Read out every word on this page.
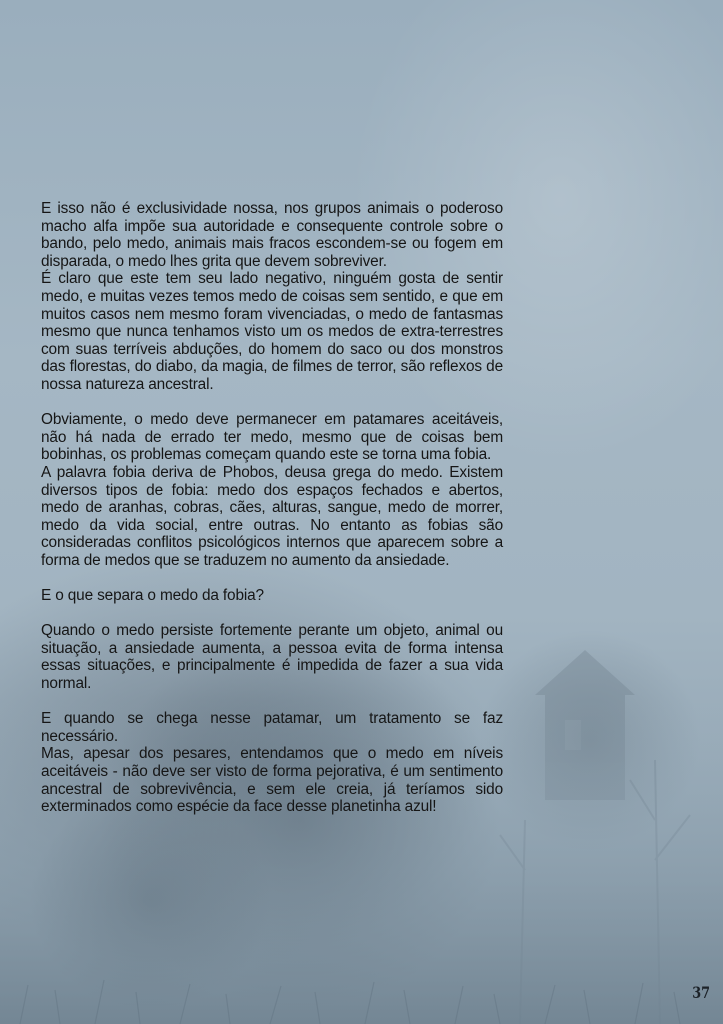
E isso não é exclusividade nossa, nos grupos animais o poderoso macho alfa impõe sua autoridade e consequente controle sobre o bando, pelo medo, animais mais fracos escondem-se ou fogem em disparada, o medo lhes grita que devem sobreviver.

É claro que este tem seu lado negativo, ninguém gosta de sentir medo, e muitas vezes temos medo de coisas sem sentido, e que em muitos casos nem mesmo foram vivenciadas, o medo de fantasmas mesmo que nunca tenhamos visto um os medos de extra-terrestres com suas terríveis abduções, do homem do saco ou dos monstros das florestas, do diabo, da magia, de filmes de terror, são reflexos de nossa natureza ancestral.

Obviamente, o medo deve permanecer em patamares aceitáveis, não há nada de errado ter medo, mesmo que de coisas bem bobinhas, os problemas começam quando este se torna uma fobia.

A palavra fobia deriva de Phobos, deusa grega do medo. Existem diversos tipos de fobia: medo dos espaços fechados e abertos, medo de aranhas, cobras, cães, alturas, sangue, medo de morrer, medo da vida social, entre outras. No entanto as fobias são consideradas conflitos psicológicos internos que aparecem sobre a forma de medos que se traduzem no aumento da ansiedade.

E o que separa o medo da fobia?

Quando o medo persiste fortemente perante um objeto, animal ou situação, a ansiedade aumenta, a pessoa evita de forma intensa essas situações, e principalmente é impedida de fazer a sua vida normal.

E quando se chega nesse patamar, um tratamento se faz necessário.

Mas, apesar dos pesares, entendamos que o medo em níveis aceitáveis - não deve ser visto de forma pejorativa, é um sentimento ancestral de sobrevivência, e sem ele creia, já teríamos sido exterminados como espécie da face desse planetinha azul!

37
